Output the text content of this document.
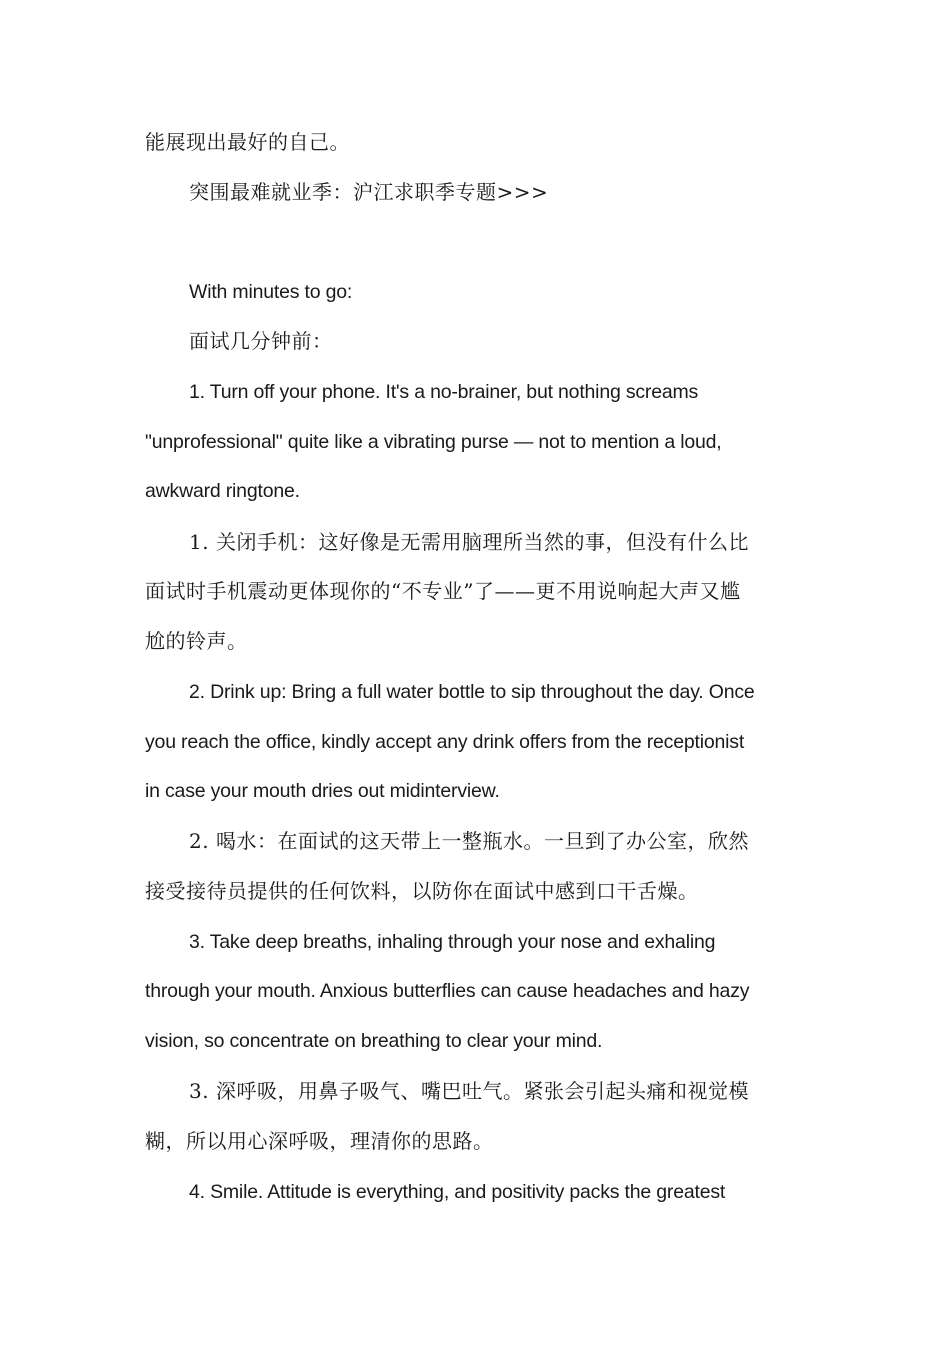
能展现出最好的自己。
突围最难就业季：沪江求职季专题>>>
With minutes to go:
面试几分钟前：
1. Turn off your phone. It's a no-brainer, but nothing screams
"unprofessional" quite like a vibrating purse — not to mention a loud,
awkward ringtone.
1. 关闭手机：这好像是无需用脑理所当然的事，但没有什么比
面试时手机震动更体现你的“不专业”了——更不用说响起大声又尴
尬的铃声。
2. Drink up: Bring a full water bottle to sip throughout the day. Once
you reach the office, kindly accept any drink offers from the receptionist
in case your mouth dries out midinterview.
2. 喝水：在面试的这天带上一整瓶水。一旦到了办公室，欣然
接受接待员提供的任何饮料，以防你在面试中感到口干舌燥。
3. Take deep breaths, inhaling through your nose and exhaling
through your mouth. Anxious butterflies can cause headaches and hazy
vision, so concentrate on breathing to clear your mind.
3. 深呼吸，用鼻子吸气、嘴巴吐气。紧张会引起头痛和视觉模
糊，所以用心深呼吸，理清你的思路。
4. Smile. Attitude is everything, and positivity packs the greatest
